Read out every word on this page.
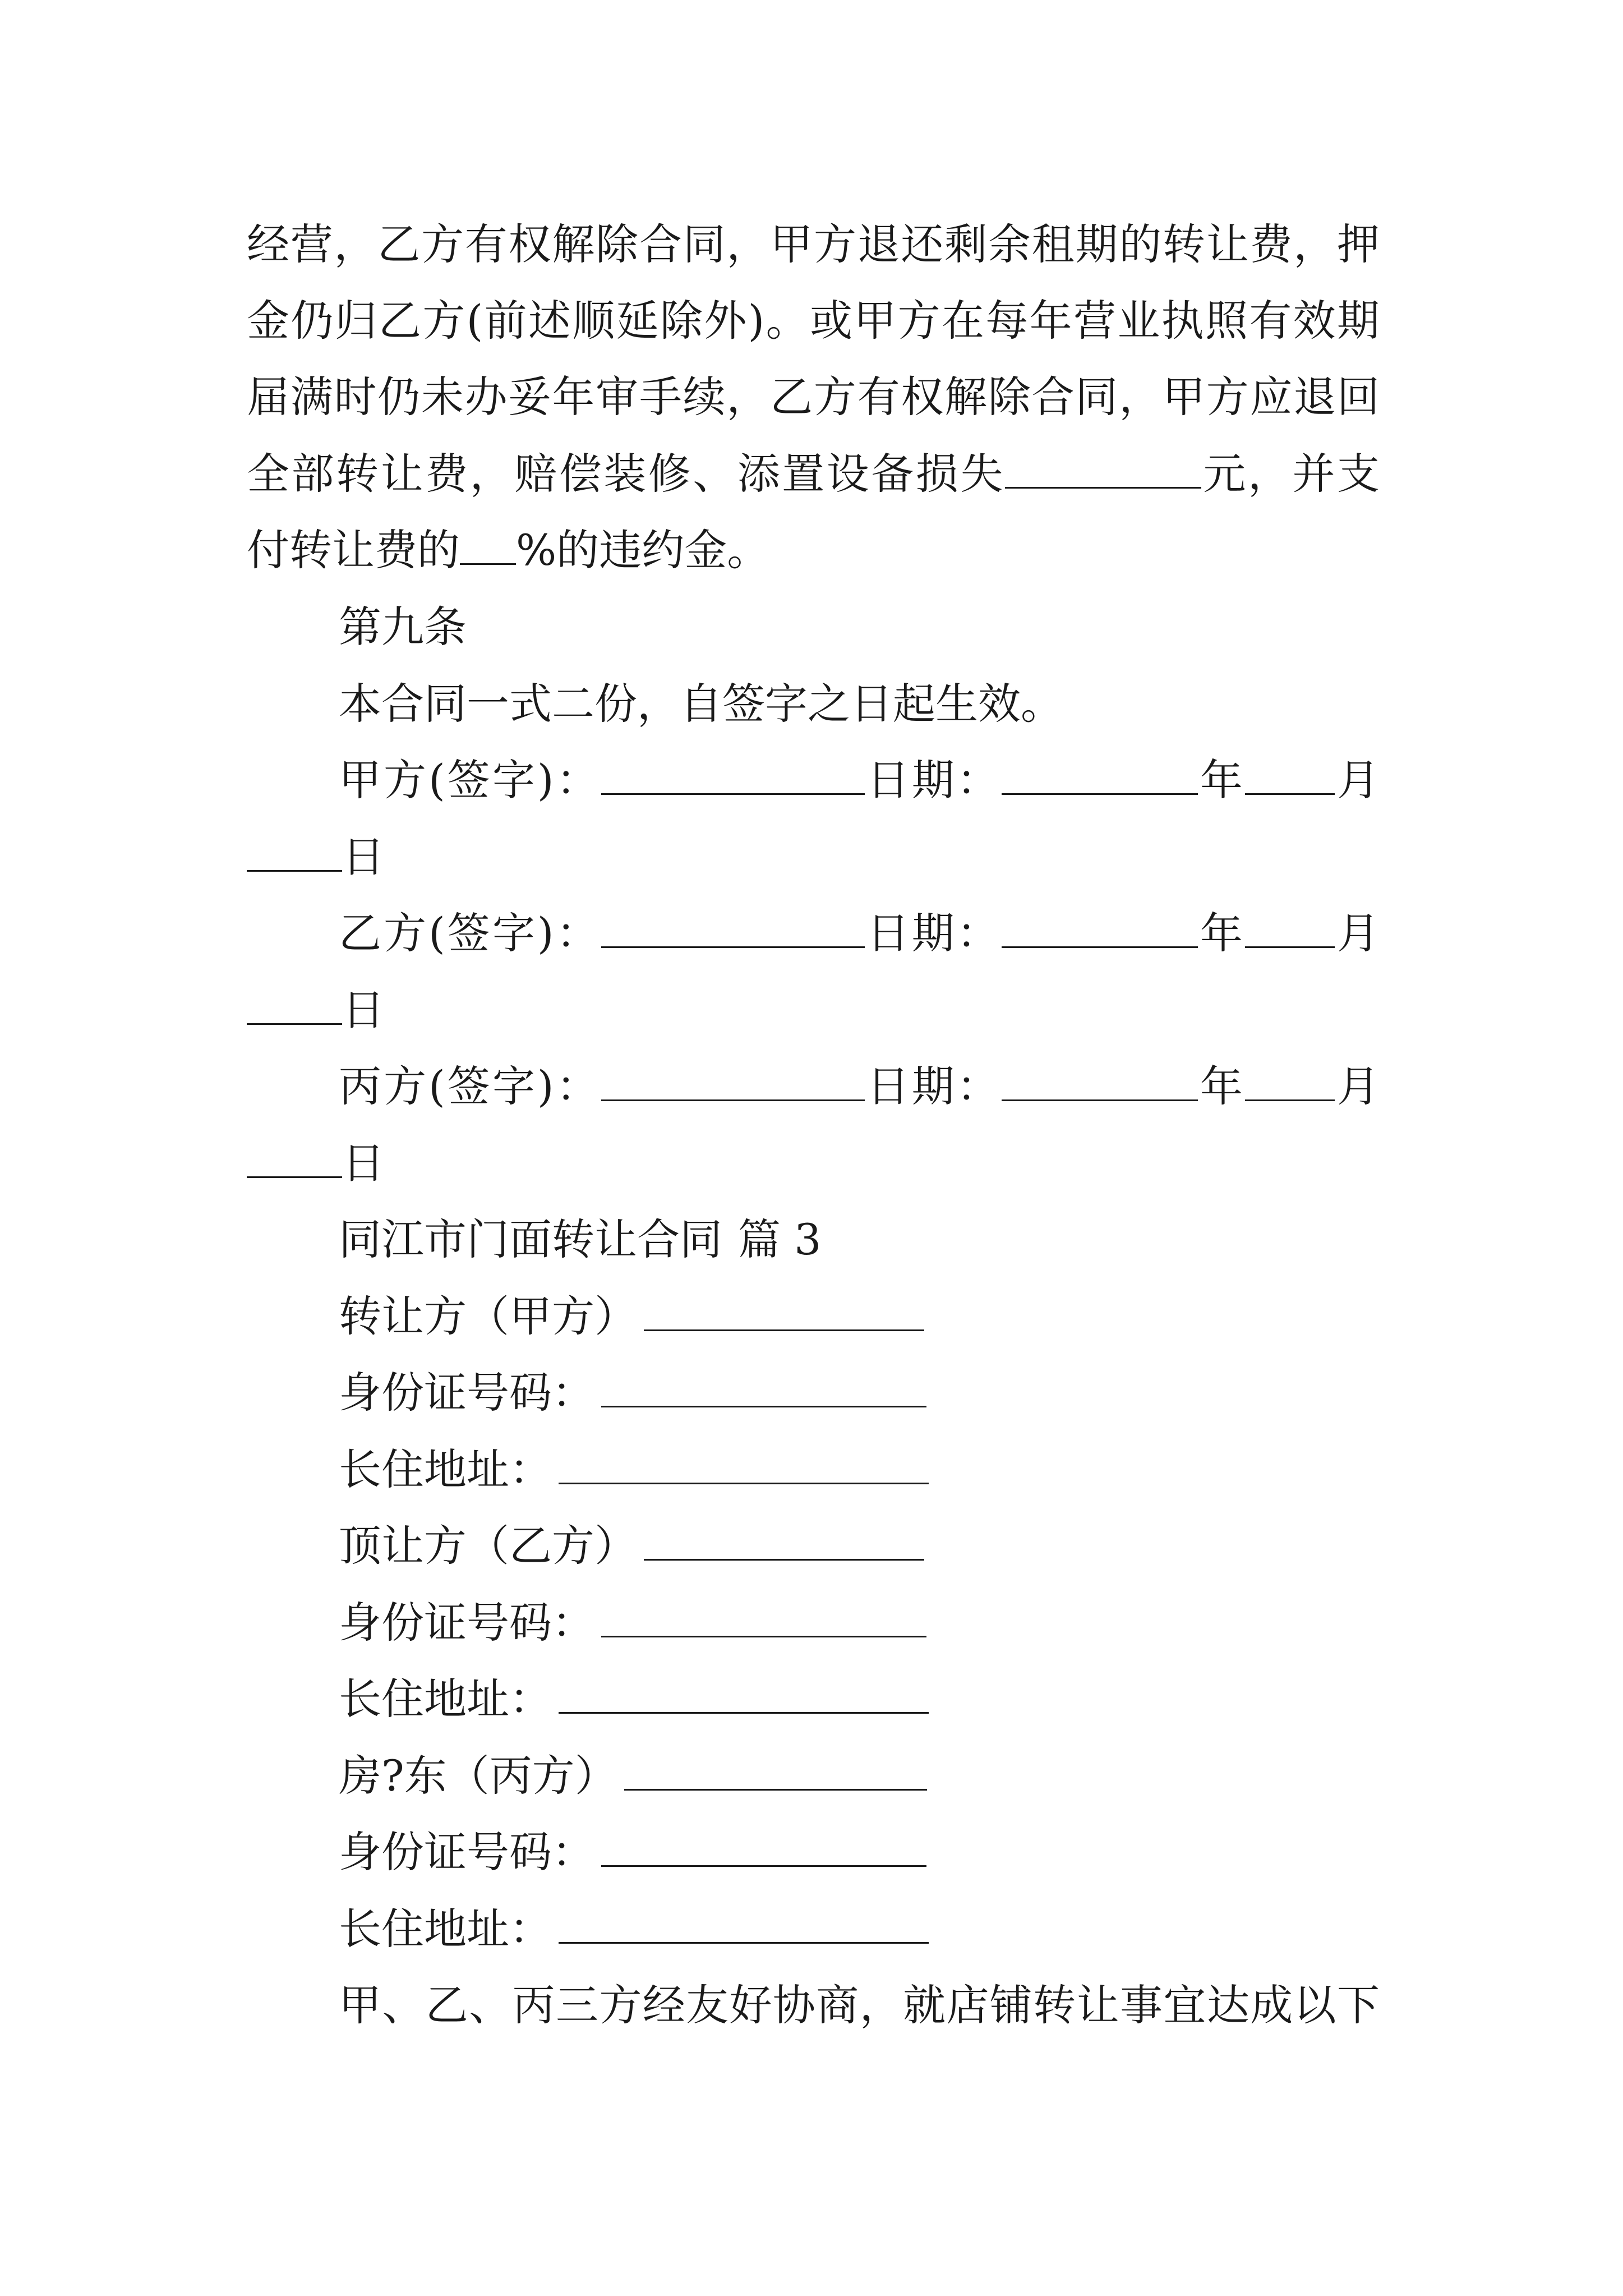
经营，乙方有权解除合同，甲方退还剩余租期的转让费，押
金仍归乙方(前述顺延除外)。或甲方在每年营业执照有效期
届满时仍未办妥年审手续，乙方有权解除合同，甲方应退回
全部转让费，赔偿装修、添置设备损失	元，并支
付转让费的 %的违约金。
第九条
本合同一式二份，自签字之日起生效。
甲方(签字)：	日期：	年 月
日
乙方(签字)：	日期：	年 月
日
丙方(签字)：	日期：	年 月
日
同江市门面转让合同 篇 3
转让方（甲方）
身份证号码：
长住地址：
顶让方（乙方）
身份证号码：
长住地址：
房?东（丙方）
身份证号码：
长住地址：
甲、乙、丙三方经友好协商，就店铺转让事宜达成以下
